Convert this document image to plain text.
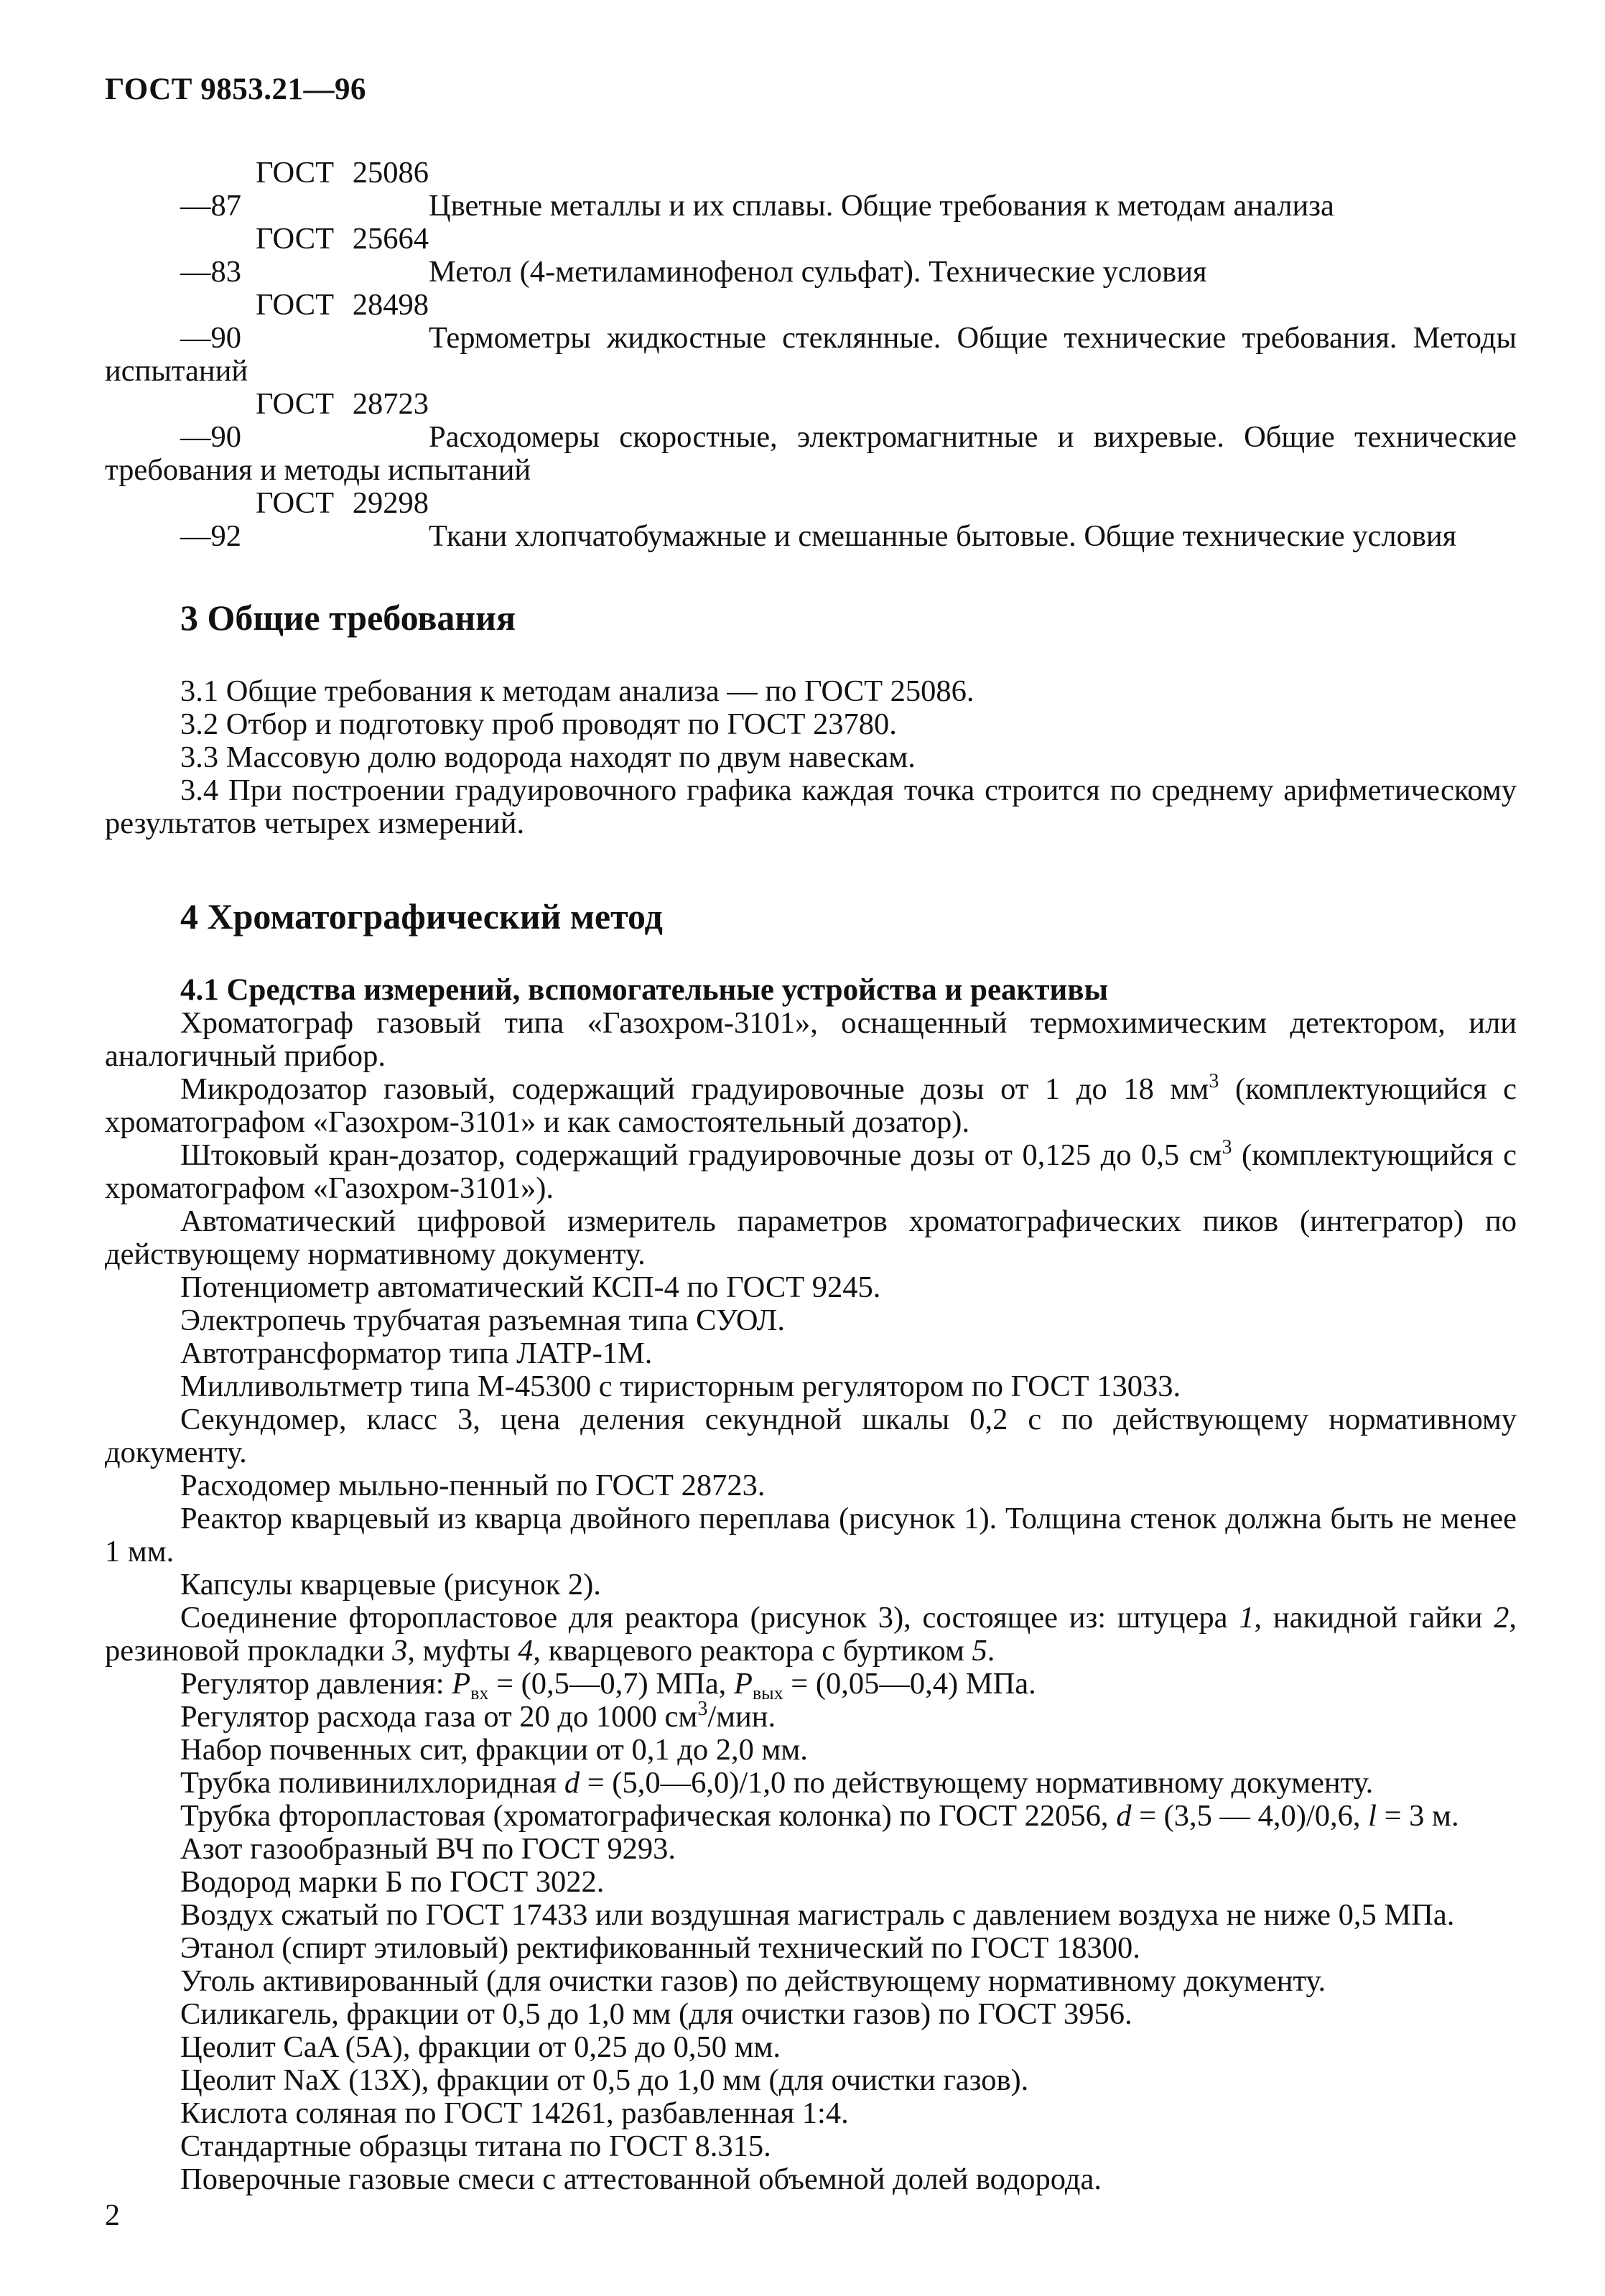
ГОСТ 9853.21—96

ГОСТ 25086—87	Цветные металлы и их сплавы. Общие требования к методам анализа

ГОСТ 25664—83	Метол (4-метиламинофенол сульфат). Технические условия

ГОСТ 28498—90	Термометры жидкостные стеклянные. Общие технические требования. Методы испытаний

ГОСТ 28723—90	Расходомеры скоростные, электромагнитные и вихревые. Общие технические требования и методы испытаний

ГОСТ 29298—92	Ткани хлопчатобумажные и смешанные бытовые. Общие технические условия

3 Общие требования

3.1 Общие требования к методам анализа — по ГОСТ 25086.

3.2 Отбор и подготовку проб проводят по ГОСТ 23780.

3.3 Массовую долю водорода находят по двум навескам.

3.4 При построении градуировочного графика каждая точка строится по среднему арифметическому результатов четырех измерений.

4 Хроматографический метод
4.1 Средства измерений, вспомогательные устройства и реактивы

Хроматограф газовый типа «Газохром-3101», оснащенный термохимическим детектором, или аналогичный прибор.

Микродозатор газовый, содержащий градуировочные дозы от 1 до 18 $мм^3$ (комплектующийся с хроматографом «Газохром-3101» и как самостоятельный дозатор).

Штоковый кран-дозатор, содержащий градуировочные дозы от 0,125 до 0,5 $см^3$ (комплектующийся с хроматографом «Газохром-3101»).

Автоматический цифровой измеритель параметров хроматографических пиков (интегратор) по действующему нормативному документу.

Потенциометр автоматический КСП-4 по ГОСТ 9245.

Электропечь трубчатая разъемная типа СУОЛ.

Автотрансформатор типа ЛАТР-1М.

Милливольтметр типа М-45300 с тиристорным регулятором по ГОСТ 13033.

Секундомер, класс 3, цена деления секундной шкалы 0,2 с по действующему нормативному документу.

Расходомер мыльно-пенный по ГОСТ 28723.

Реактор кварцевый из кварца двойного переплава (рисунок 1). Толщина стенок должна быть не менее 1 мм.

Капсулы кварцевые (рисунок 2).

Соединение фторопластовое для реактора (рисунок 3), состоящее из: штуцера 1, накидной гайки 2, резиновой прокладки 3, муфты 4, кварцевого реактора с буртиком 5.

Регулятор давления: $P_{вх}$ = (0,5—0,7) МПа, $P_{вых}$ = (0,05—0,4) МПа.

Регулятор расхода газа от 20 до 1000 $см^3$/мин.

Набор почвенных сит, фракции от 0,1 до 2,0 мм.

Трубка поливинилхлоридная d = (5,0—6,0)/1,0 по действующему нормативному документу.

Трубка фторопластовая (хроматографическая колонка) по ГОСТ 22056, d = (3,5 — 4,0)/0,6, l = 3 м.

Азот газообразный ВЧ по ГОСТ 9293.

Водород марки Б по ГОСТ 3022.

Воздух сжатый по ГОСТ 17433 или воздушная магистраль с давлением воздуха не ниже 0,5 МПа.

Этанол (спирт этиловый) ректификованный технический по ГОСТ 18300.

Уголь активированный (для очистки газов) по действующему нормативному документу.

Силикагель, фракции от 0,5 до 1,0 мм (для очистки газов) по ГОСТ 3956.

Цеолит CaA (5А), фракции от 0,25 до 0,50 мм.

Цеолит NaX (13Х), фракции от 0,5 до 1,0 мм (для очистки газов).

Кислота соляная по ГОСТ 14261, разбавленная 1:4.

Стандартные образцы титана по ГОСТ 8.315.

Поверочные газовые смеси с аттестованной объемной долей водорода.

2
